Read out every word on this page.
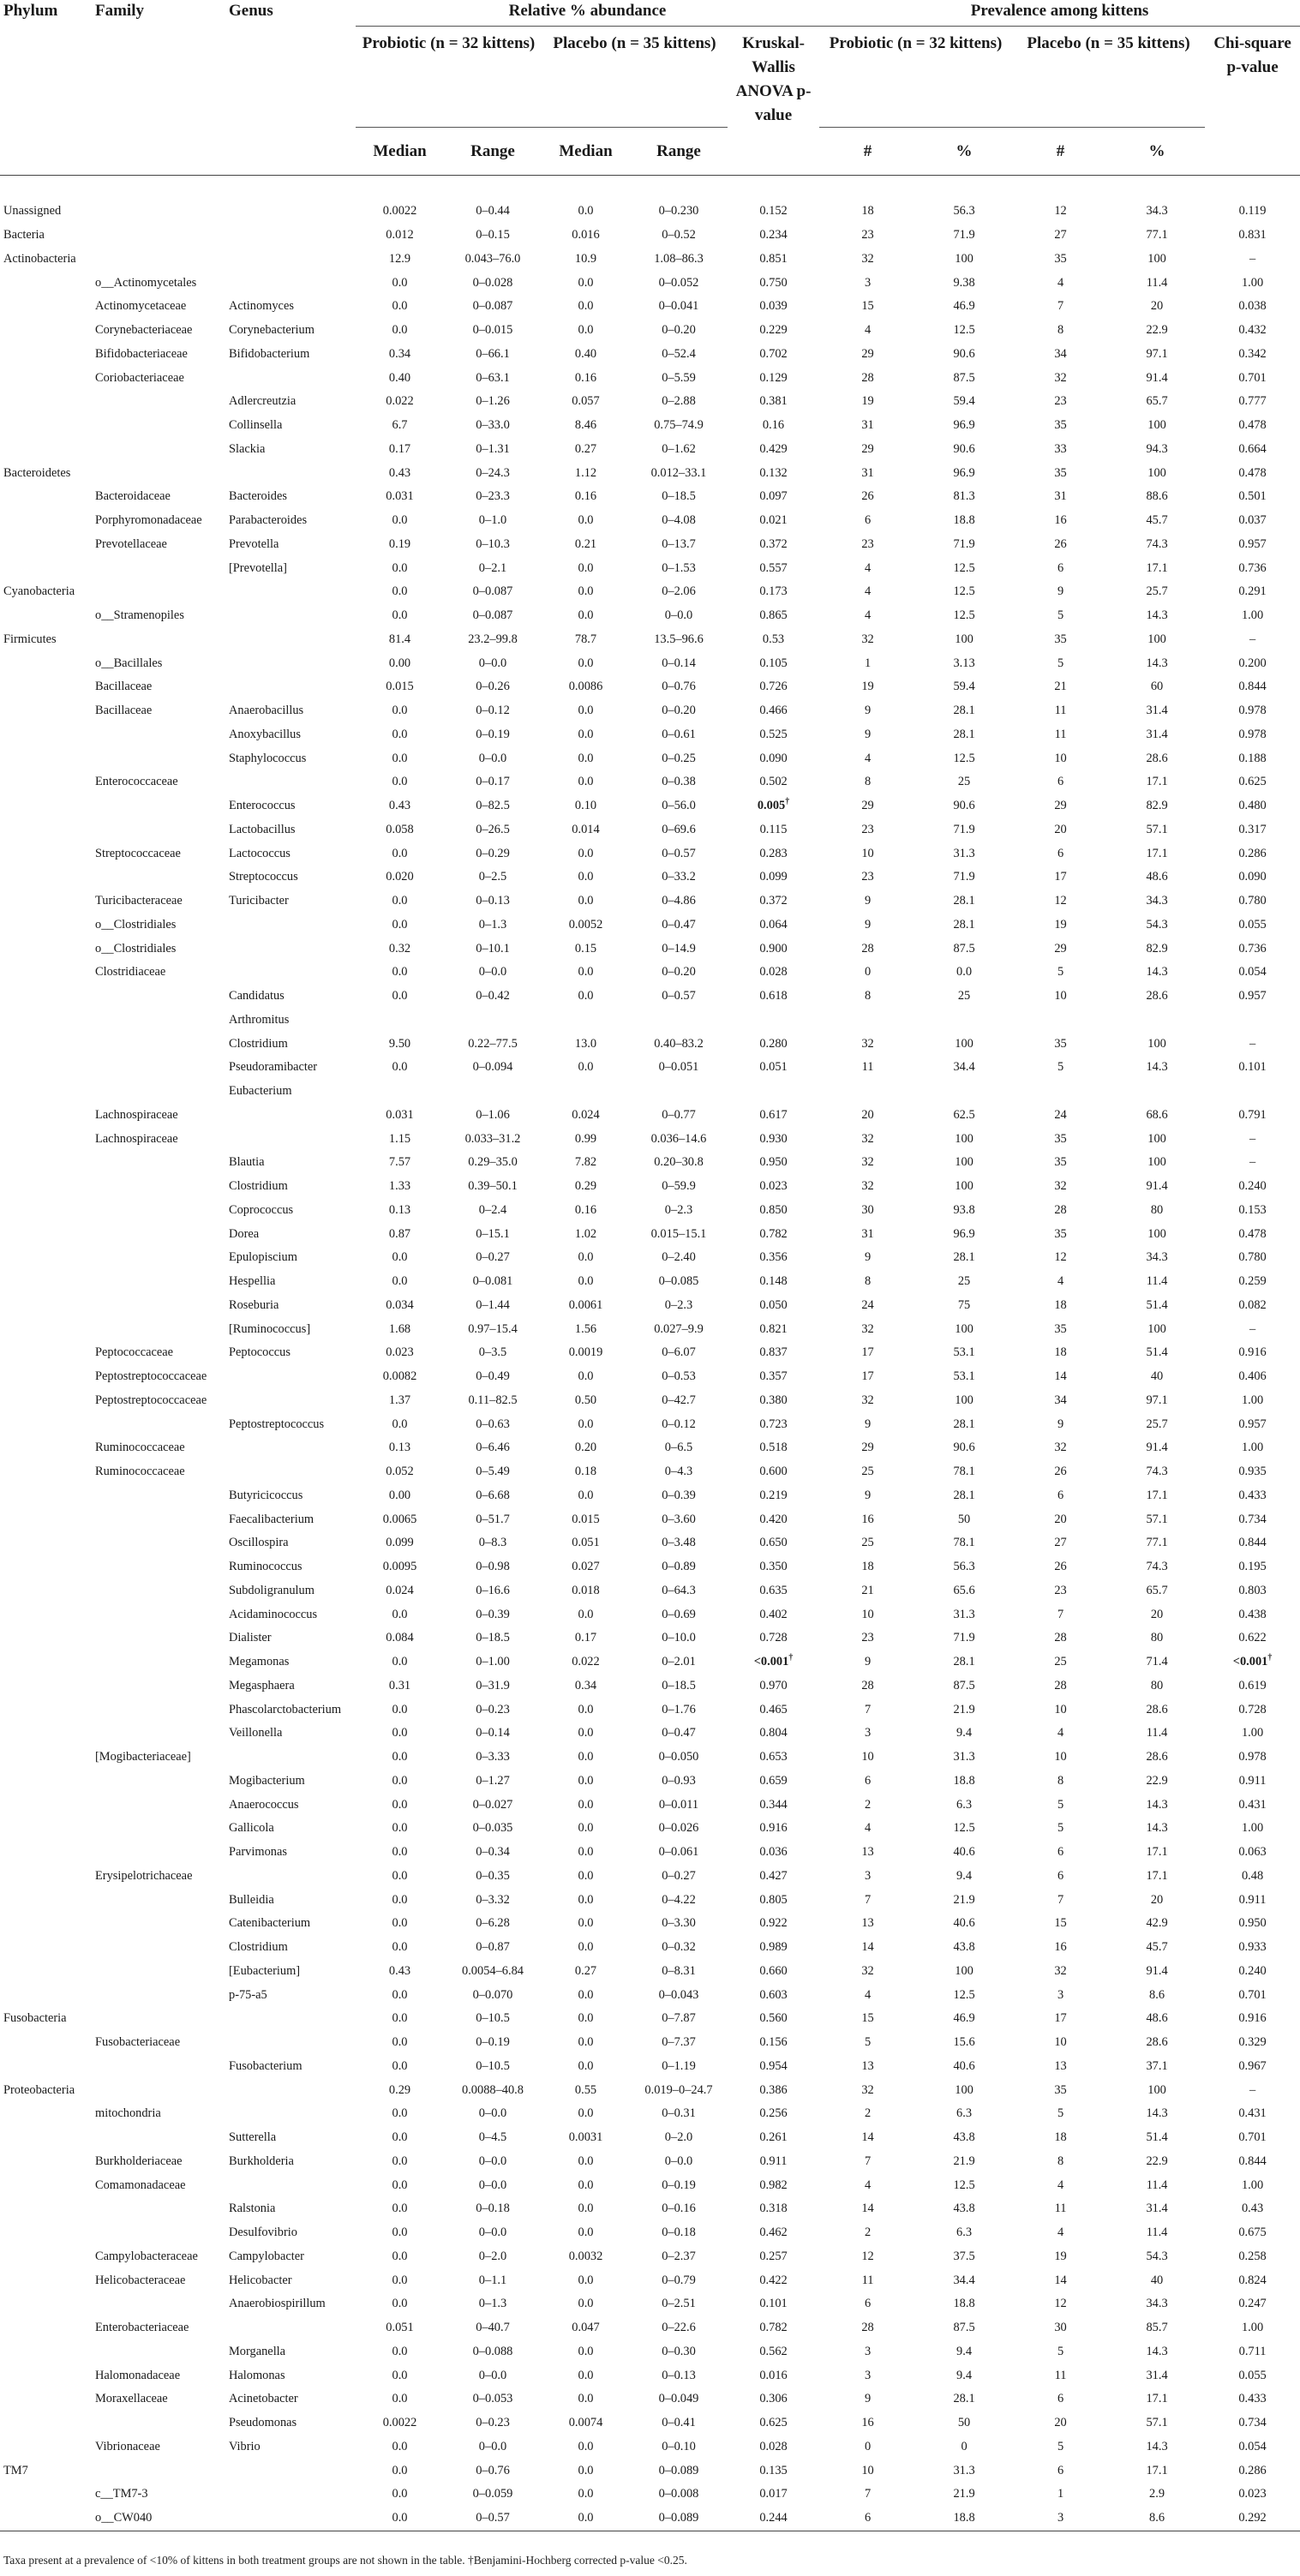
Phylum	Family	Genus	Relative % abundance					Prevalence among kittens				
			Probiotic (n = 32 kittens)		Placebo (n = 35 kittens)		Kruskal-Wallis ANOVA p-value	Probiotic (n = 32 kittens)		Placebo (n = 35 kittens)		Chi-square p-value
			Median	Range	Median	Range		#	%	#	%	

Unassigned			0.0022	0–0.44	0.0	0–0.230	0.152	18	56.3	12	34.3	0.119
Bacteria			0.012	0–0.15	0.016	0–0.52	0.234	23	71.9	27	77.1	0.831
Actinobacteria			12.9	0.043–76.0	10.9	1.08–86.3	0.851	32	100	35	100	–
	o__Actinomycetales		0.0	0–0.028	0.0	0–0.052	0.750	3	9.38	4	11.4	1.00
	Actinomycetaceae	Actinomyces	0.0	0–0.087	0.0	0–0.041	0.039	15	46.9	7	20	0.038
	Corynebacteriaceae	Corynebacterium	0.0	0–0.015	0.0	0–0.20	0.229	4	12.5	8	22.9	0.432
	Bifidobacteriaceae	Bifidobacterium	0.34	0–66.1	0.40	0–52.4	0.702	29	90.6	34	97.1	0.342
	Coriobacteriaceae		0.40	0–63.1	0.16	0–5.59	0.129	28	87.5	32	91.4	0.701
		Adlercreutzia	0.022	0–1.26	0.057	0–2.88	0.381	19	59.4	23	65.7	0.777
		Collinsella	6.7	0–33.0	8.46	0.75–74.9	0.16	31	96.9	35	100	0.478
		Slackia	0.17	0–1.31	0.27	0–1.62	0.429	29	90.6	33	94.3	0.664
Bacteroidetes			0.43	0–24.3	1.12	0.012–33.1	0.132	31	96.9	35	100	0.478
	Bacteroidaceae	Bacteroides	0.031	0–23.3	0.16	0–18.5	0.097	26	81.3	31	88.6	0.501
	Porphyromonadaceae	Parabacteroides	0.0	0–1.0	0.0	0–4.08	0.021	6	18.8	16	45.7	0.037
	Prevotellaceae	Prevotella	0.19	0–10.3	0.21	0–13.7	0.372	23	71.9	26	74.3	0.957
		[Prevotella]	0.0	0–2.1	0.0	0–1.53	0.557	4	12.5	6	17.1	0.736
Cyanobacteria			0.0	0–0.087	0.0	0–2.06	0.173	4	12.5	9	25.7	0.291
	o__Stramenopiles		0.0	0–0.087	0.0	0–0.0	0.865	4	12.5	5	14.3	1.00
Firmicutes			81.4	23.2–99.8	78.7	13.5–96.6	0.53	32	100	35	100	–
	o__Bacillales		0.00	0–0.0	0.0	0–0.14	0.105	1	3.13	5	14.3	0.200
	Bacillaceae		0.015	0–0.26	0.0086	0–0.76	0.726	19	59.4	21	60	0.844
	Bacillaceae	Anaerobacillus	0.0	0–0.12	0.0	0–0.20	0.466	9	28.1	11	31.4	0.978
		Anoxybacillus	0.0	0–0.19	0.0	0–0.61	0.525	9	28.1	11	31.4	0.978
		Staphylococcus	0.0	0–0.0	0.0	0–0.25	0.090	4	12.5	10	28.6	0.188
	Enterococcaceae		0.0	0–0.17	0.0	0–0.38	0.502	8	25	6	17.1	0.625
		Enterococcus	0.43	0–82.5	0.10	0–56.0	0.005†	29	90.6	29	82.9	0.480
		Lactobacillus	0.058	0–26.5	0.014	0–69.6	0.115	23	71.9	20	57.1	0.317
	Streptococcaceae	Lactococcus	0.0	0–0.29	0.0	0–0.57	0.283	10	31.3	6	17.1	0.286
		Streptococcus	0.020	0–2.5	0.0	0–33.2	0.099	23	71.9	17	48.6	0.090
	Turicibacteraceae	Turicibacter	0.0	0–0.13	0.0	0–4.86	0.372	9	28.1	12	34.3	0.780
	o__Clostridiales		0.0	0–1.3	0.0052	0–0.47	0.064	9	28.1	19	54.3	0.055
	o__Clostridiales		0.32	0–10.1	0.15	0–14.9	0.900	28	87.5	29	82.9	0.736
	Clostridiaceae		0.0	0–0.0	0.0	0–0.20	0.028	0	0.0	5	14.3	0.054
		Candidatus	0.0	0–0.42	0.0	0–0.57	0.618	8	25	10	28.6	0.957
		Arthromitus										
		Clostridium	9.50	0.22–77.5	13.0	0.40–83.2	0.280	32	100	35	100	–
		Pseudoramibacter	0.0	0–0.094	0.0	0–0.051	0.051	11	34.4	5	14.3	0.101
		Eubacterium										
	Lachnospiraceae		0.031	0–1.06	0.024	0–0.77	0.617	20	62.5	24	68.6	0.791
	Lachnospiraceae		1.15	0.033–31.2	0.99	0.036–14.6	0.930	32	100	35	100	–
		Blautia	7.57	0.29–35.0	7.82	0.20–30.8	0.950	32	100	35	100	–
		Clostridium	1.33	0.39–50.1	0.29	0–59.9	0.023	32	100	32	91.4	0.240
		Coprococcus	0.13	0–2.4	0.16	0–2.3	0.850	30	93.8	28	80	0.153
		Dorea	0.87	0–15.1	1.02	0.015–15.1	0.782	31	96.9	35	100	0.478
		Epulopiscium	0.0	0–0.27	0.0	0–2.40	0.356	9	28.1	12	34.3	0.780
		Hespellia	0.0	0–0.081	0.0	0–0.085	0.148	8	25	4	11.4	0.259
		Roseburia	0.034	0–1.44	0.0061	0–2.3	0.050	24	75	18	51.4	0.082
		[Ruminococcus]	1.68	0.97–15.4	1.56	0.027–9.9	0.821	32	100	35	100	–
	Peptococcaceae	Peptococcus	0.023	0–3.5	0.0019	0–6.07	0.837	17	53.1	18	51.4	0.916
	Peptostreptococcaceae		0.0082	0–0.49	0.0	0–0.53	0.357	17	53.1	14	40	0.406
	Peptostreptococcaceae		1.37	0.11–82.5	0.50	0–42.7	0.380	32	100	34	97.1	1.00
		Peptostreptococcus	0.0	0–0.63	0.0	0–0.12	0.723	9	28.1	9	25.7	0.957
	Ruminococcaceae		0.13	0–6.46	0.20	0–6.5	0.518	29	90.6	32	91.4	1.00
	Ruminococcaceae		0.052	0–5.49	0.18	0–4.3	0.600	25	78.1	26	74.3	0.935
		Butyricicoccus	0.00	0–6.68	0.0	0–0.39	0.219	9	28.1	6	17.1	0.433
		Faecalibacterium	0.0065	0–51.7	0.015	0–3.60	0.420	16	50	20	57.1	0.734
		Oscillospira	0.099	0–8.3	0.051	0–3.48	0.650	25	78.1	27	77.1	0.844
		Ruminococcus	0.0095	0–0.98	0.027	0–0.89	0.350	18	56.3	26	74.3	0.195
		Subdoligranulum	0.024	0–16.6	0.018	0–64.3	0.635	21	65.6	23	65.7	0.803
		Acidaminococcus	0.0	0–0.39	0.0	0–0.69	0.402	10	31.3	7	20	0.438
		Dialister	0.084	0–18.5	0.17	0–10.0	0.728	23	71.9	28	80	0.622
		Megamonas	0.0	0–1.00	0.022	0–2.01	<0.001†	9	28.1	25	71.4	<0.001†
		Megasphaera	0.31	0–31.9	0.34	0–18.5	0.970	28	87.5	28	80	0.619
		Phascolarctobacterium	0.0	0–0.23	0.0	0–1.76	0.465	7	21.9	10	28.6	0.728
		Veillonella	0.0	0–0.14	0.0	0–0.47	0.804	3	9.4	4	11.4	1.00
	[Mogibacteriaceae]		0.0	0–3.33	0.0	0–0.050	0.653	10	31.3	10	28.6	0.978
		Mogibacterium	0.0	0–1.27	0.0	0–0.93	0.659	6	18.8	8	22.9	0.911
		Anaerococcus	0.0	0–0.027	0.0	0–0.011	0.344	2	6.3	5	14.3	0.431
		Gallicola	0.0	0–0.035	0.0	0–0.026	0.916	4	12.5	5	14.3	1.00
		Parvimonas	0.0	0–0.34	0.0	0–0.061	0.036	13	40.6	6	17.1	0.063
	Erysipelotrichaceae		0.0	0–0.35	0.0	0–0.27	0.427	3	9.4	6	17.1	0.48
		Bulleidia	0.0	0–3.32	0.0	0–4.22	0.805	7	21.9	7	20	0.911
		Catenibacterium	0.0	0–6.28	0.0	0–3.30	0.922	13	40.6	15	42.9	0.950
		Clostridium	0.0	0–0.87	0.0	0–0.32	0.989	14	43.8	16	45.7	0.933
		[Eubacterium]	0.43	0.0054–6.84	0.27	0–8.31	0.660	32	100	32	91.4	0.240
		p-75-a5	0.0	0–0.070	0.0	0–0.043	0.603	4	12.5	3	8.6	0.701
Fusobacteria			0.0	0–10.5	0.0	0–7.87	0.560	15	46.9	17	48.6	0.916
	Fusobacteriaceae		0.0	0–0.19	0.0	0–7.37	0.156	5	15.6	10	28.6	0.329
		Fusobacterium	0.0	0–10.5	0.0	0–1.19	0.954	13	40.6	13	37.1	0.967
Proteobacteria			0.29	0.0088–40.8	0.55	0.019–0–24.7	0.386	32	100	35	100	–
	mitochondria		0.0	0–0.0	0.0	0–0.31	0.256	2	6.3	5	14.3	0.431
		Sutterella	0.0	0–4.5	0.0031	0–2.0	0.261	14	43.8	18	51.4	0.701
	Burkholderiaceae	Burkholderia	0.0	0–0.0	0.0	0–0.0	0.911	7	21.9	8	22.9	0.844
	Comamonadaceae		0.0	0–0.0	0.0	0–0.19	0.982	4	12.5	4	11.4	1.00
		Ralstonia	0.0	0–0.18	0.0	0–0.16	0.318	14	43.8	11	31.4	0.43
		Desulfovibrio	0.0	0–0.0	0.0	0–0.18	0.462	2	6.3	4	11.4	0.675
	Campylobacteraceae	Campylobacter	0.0	0–2.0	0.0032	0–2.37	0.257	12	37.5	19	54.3	0.258
	Helicobacteraceae	Helicobacter	0.0	0–1.1	0.0	0–0.79	0.422	11	34.4	14	40	0.824
		Anaerobiospirillum	0.0	0–1.3	0.0	0–2.51	0.101	6	18.8	12	34.3	0.247
	Enterobacteriaceae		0.051	0–40.7	0.047	0–22.6	0.782	28	87.5	30	85.7	1.00
		Morganella	0.0	0–0.088	0.0	0–0.30	0.562	3	9.4	5	14.3	0.711
	Halomonadaceae	Halomonas	0.0	0–0.0	0.0	0–0.13	0.016	3	9.4	11	31.4	0.055
	Moraxellaceae	Acinetobacter	0.0	0–0.053	0.0	0–0.049	0.306	9	28.1	6	17.1	0.433
		Pseudomonas	0.0022	0–0.23	0.0074	0–0.41	0.625	16	50	20	57.1	0.734
	Vibrionaceae	Vibrio	0.0	0–0.0	0.0	0–0.10	0.028	0	0	5	14.3	0.054
TM7			0.0	0–0.76	0.0	0–0.089	0.135	10	31.3	6	17.1	0.286
	c__TM7-3		0.0	0–0.059	0.0	0–0.008	0.017	7	21.9	1	2.9	0.023
	o__CW040		0.0	0–0.57	0.0	0–0.089	0.244	6	18.8	3	8.6	0.292
Taxa present at a prevalence of <10% of kittens in both treatment groups are not shown in the table. †Benjamini-Hochberg corrected p-value <0.25.
